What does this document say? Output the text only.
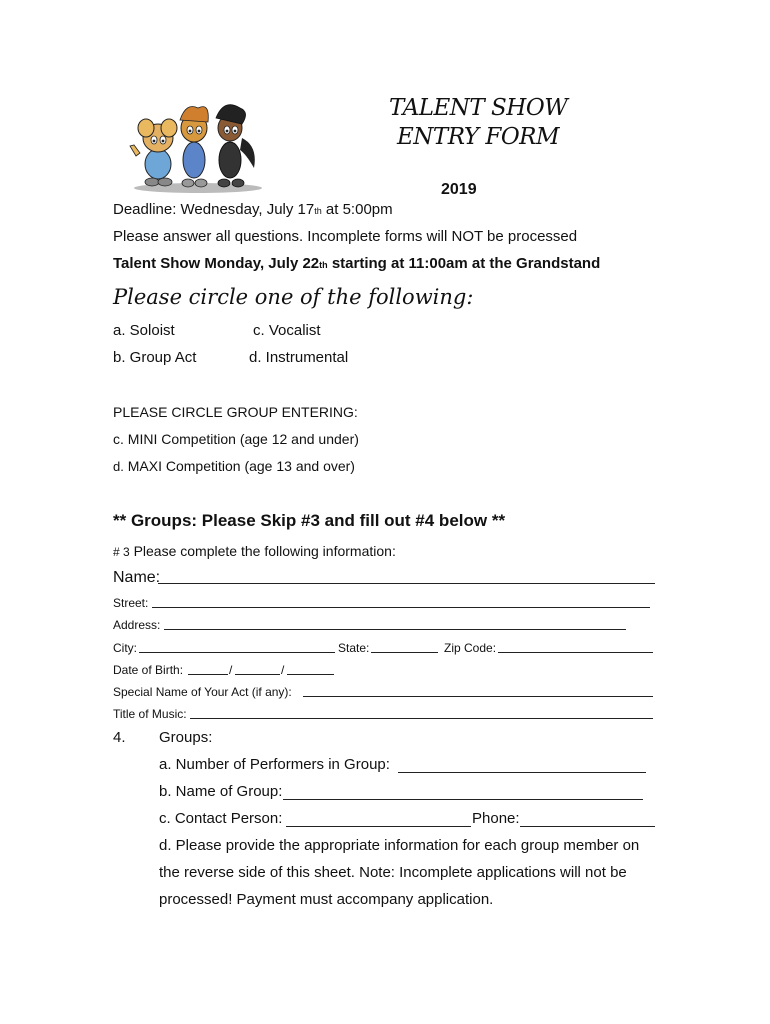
TALENT SHOW
ENTRY FORM
2019
Deadline: Wednesday, July 17th at 5:00pm
Please answer all questions. Incomplete forms will NOT be processed
Talent Show Monday, July 22th starting at 11:00am at the Grandstand
Please circle one of the following:
a. Soloist	c. Vocalist
b. Group Act	d. Instrumental
PLEASE CIRCLE GROUP ENTERING:
c. MINI Competition (age 12 and under)
d. MAXI Competition (age 13 and over)
** Groups: Please Skip #3 and fill out #4 below **
# 3 Please complete the following information:
Name:
Street:
Address:
City:	State:	Zip Code:
Date of Birth:	/	/
Special Name of Your Act (if any):
Title of Music:
4. Groups:
a. Number of Performers in Group:
b. Name of Group:
c. Contact Person:	Phone:
d. Please provide the appropriate information for each group member on
the reverse side of this sheet. Note: Incomplete applications will not be
processed! Payment must accompany application.
